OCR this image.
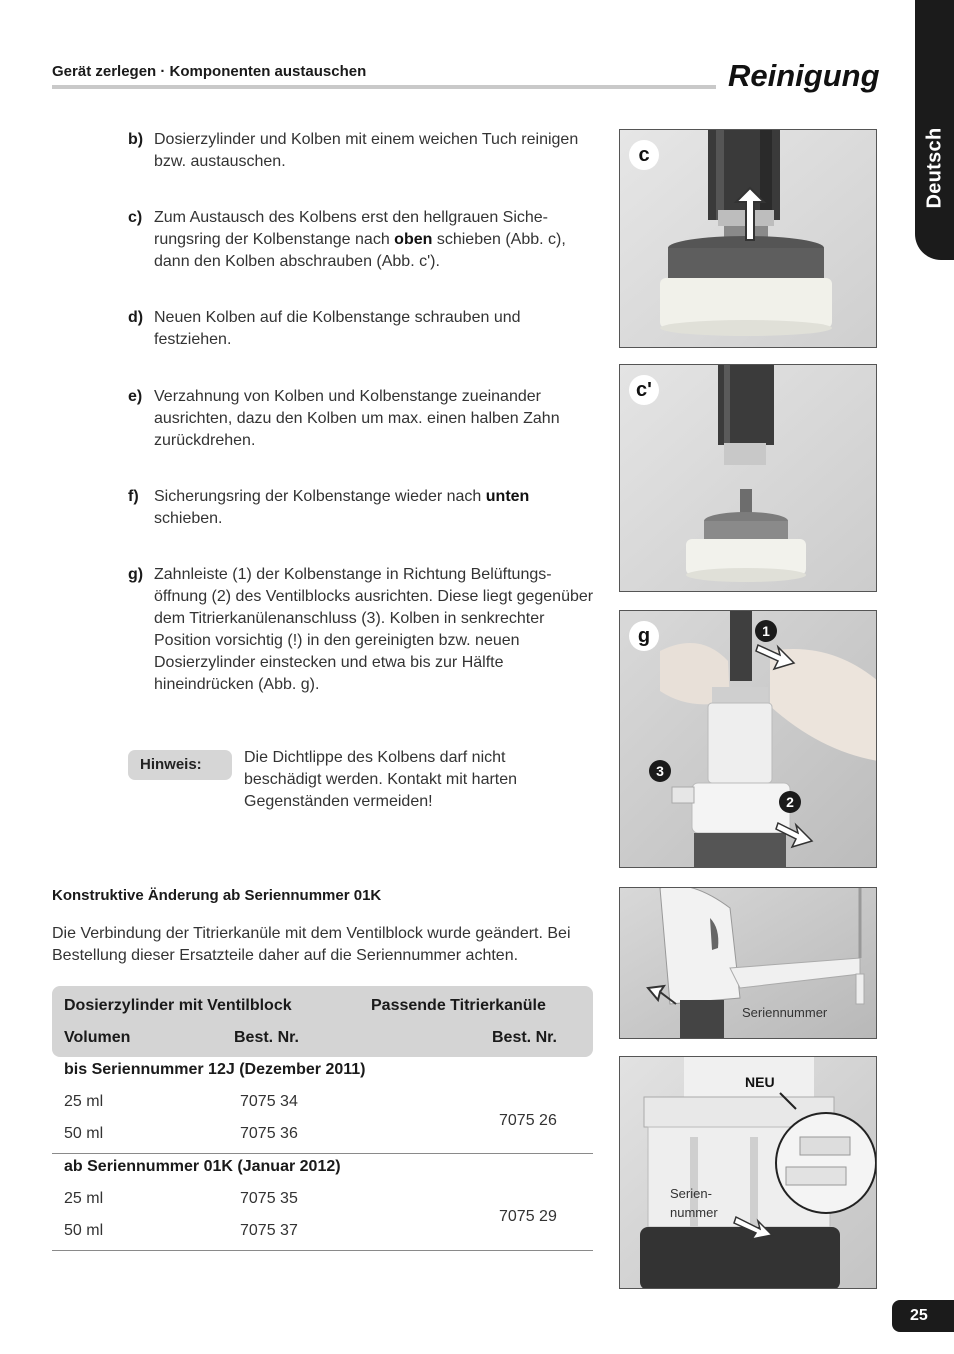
Gerät zerlegen · Komponenten austauschen	Reinigung
Deutsch
b) Dosierzylinder und Kolben mit einem weichen Tuch reinigen bzw. austauschen.
c) Zum Austausch des Kolbens erst den hellgrauen Siche- rungsring der Kolbenstange nach oben schieben (Abb. c), dann den Kolben abschrauben (Abb. c').
d) Neuen Kolben auf die Kolbenstange schrauben und festziehen.
e) Verzahnung von Kolben und Kolbenstange zueinander ausrichten, dazu den Kolben um max. einen halben Zahn zurückdrehen.
f) Sicherungsring der Kolbenstange wieder nach unten schieben.
g) Zahnleiste (1) der Kolbenstange in Richtung Belüftungs- öffnung (2) des Ventilblocks ausrichten. Diese liegt gegenüber dem Titrierkanülenanschluss (3). Kolben in senkrechter Position vorsichtig (!) in den gereinigten bzw. neuen Dosierzylinder einstecken und etwa bis zur Hälfte hineindrücken (Abb. g).
Hinweis:	Die Dichtlippe des Kolbens darf nicht beschädigt werden. Kontakt mit harten Gegenständen vermeiden!
Konstruktive Änderung ab Seriennummer 01K
Die Verbindung der Titrierkanüle mit dem Ventilblock wurde geändert. Bei Bestellung dieser Ersatzteile daher auf die Seriennummer achten.
Dosierzylinder mit Ventilblock	Passende Titrierkanüle
Volumen	Best. Nr.	Best. Nr.
bis Seriennummer 12J (Dezember 2011)
25 ml	7075 34
50 ml	7075 36
7075 26
ab Seriennummer 01K (Januar 2012)
25 ml	7075 35
50 ml	7075 37
7075 29
c
c'
g	1
2
3
Seriennummer
NEU
Serien-
nummer
25
